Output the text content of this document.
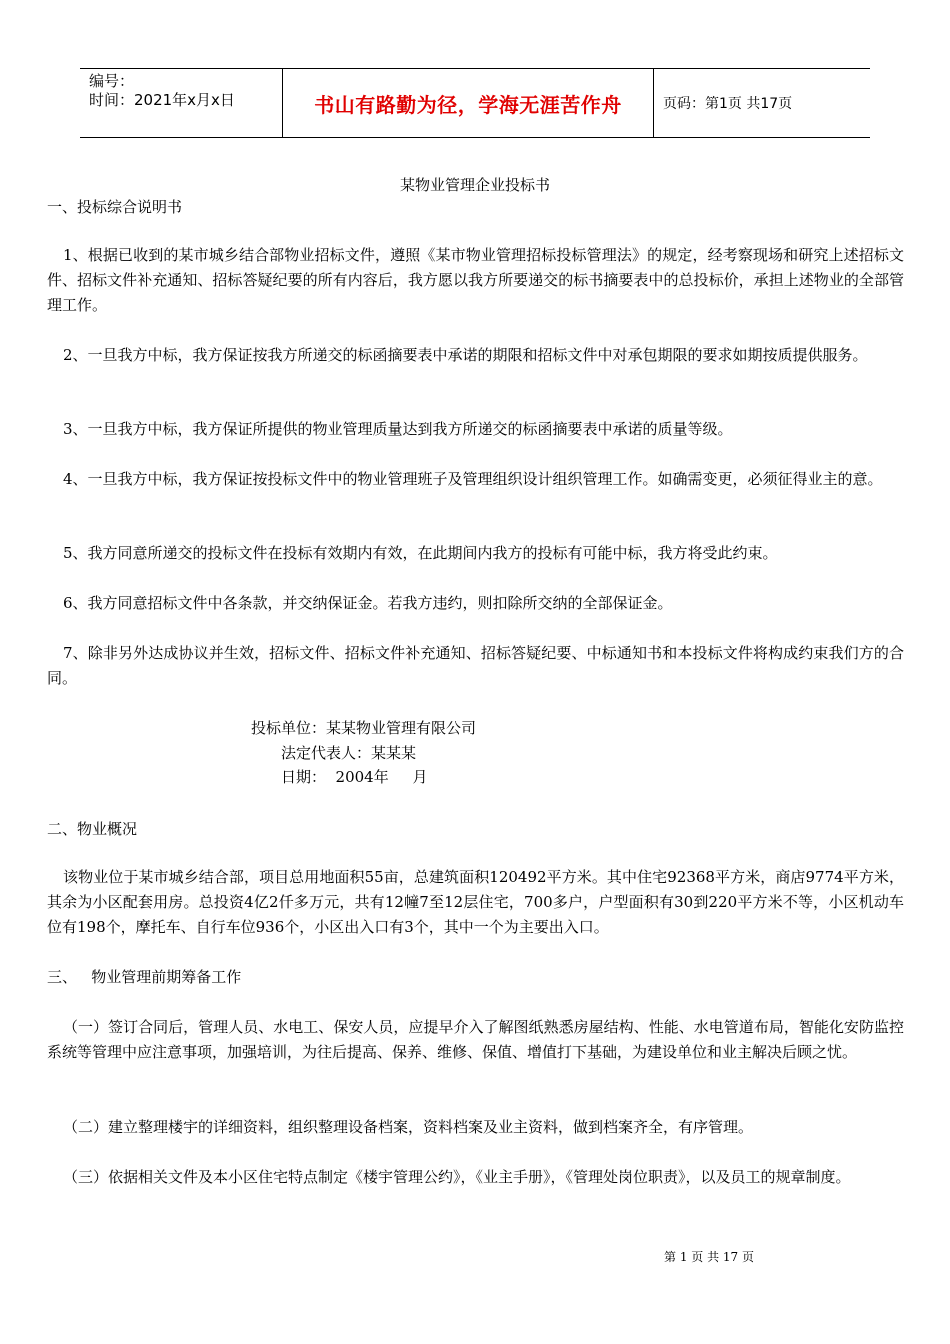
编号：
时间：2021年x月x日	书山有路勤为径，学海无涯苦作舟	页码：第1页 共17页
某物业管理企业投标书

一、投标综合说明书

1、根据已收到的某市城乡结合部物业招标文件，遵照《某市物业管理招标投标管理法》的规定，经考察现场和研究上述招标文件、招标文件补充通知、招标答疑纪要的所有内容后，我方愿以我方所要递交的标书摘要表中的总投标价，承担上述物业的全部管理工作。

2、一旦我方中标，我方保证按我方所递交的标函摘要表中承诺的期限和招标文件中对承包期限的要求如期按质提供服务。

3、一旦我方中标，我方保证所提供的物业管理质量达到我方所递交的标函摘要表中承诺的质量等级。

4、一旦我方中标，我方保证按投标文件中的物业管理班子及管理组织设计组织管理工作。如确需变更，必须征得业主的意。

5、我方同意所递交的投标文件在投标有效期内有效，在此期间内我方的投标有可能中标，我方将受此约束。

6、我方同意招标文件中各条款，并交纳保证金。若我方违约，则扣除所交纳的全部保证金。

7、除非另外达成协议并生效，招标文件、招标文件补充通知、招标答疑纪要、中标通知书和本投标文件将构成约束我们方的合同。

投标单位：某某物业管理有限公司
法定代表人：某某某
日期：  2004年     月

二、物业概况

该物业位于某市城乡结合部，项目总用地面积55亩，总建筑面积120492平方米。其中住宅92368平方米，商店9774平方米，其余为小区配套用房。总投资4亿2仟多万元，共有12幢7至12层住宅，700多户，户型面积有30到220平方米不等，小区机动车位有198个，摩托车、自行车位936个，小区出入口有3个，其中一个为主要出入口。

三、   物业管理前期筹备工作

（一）签订合同后，管理人员、水电工、保安人员，应提早介入了解图纸熟悉房屋结构、性能、水电管道布局，智能化安防监控系统等管理中应注意事项，加强培训，为往后提高、保养、维修、保值、增值打下基础，为建设单位和业主解决后顾之忧。

（二）建立整理楼宇的详细资料，组织整理设备档案，资料档案及业主资料，做到档案齐全，有序管理。

（三）依据相关文件及本小区住宅特点制定《楼宇管理公约》，《业主手册》，《管理处岗位职责》，以及员工的规章制度。

第 1 页 共 17 页
